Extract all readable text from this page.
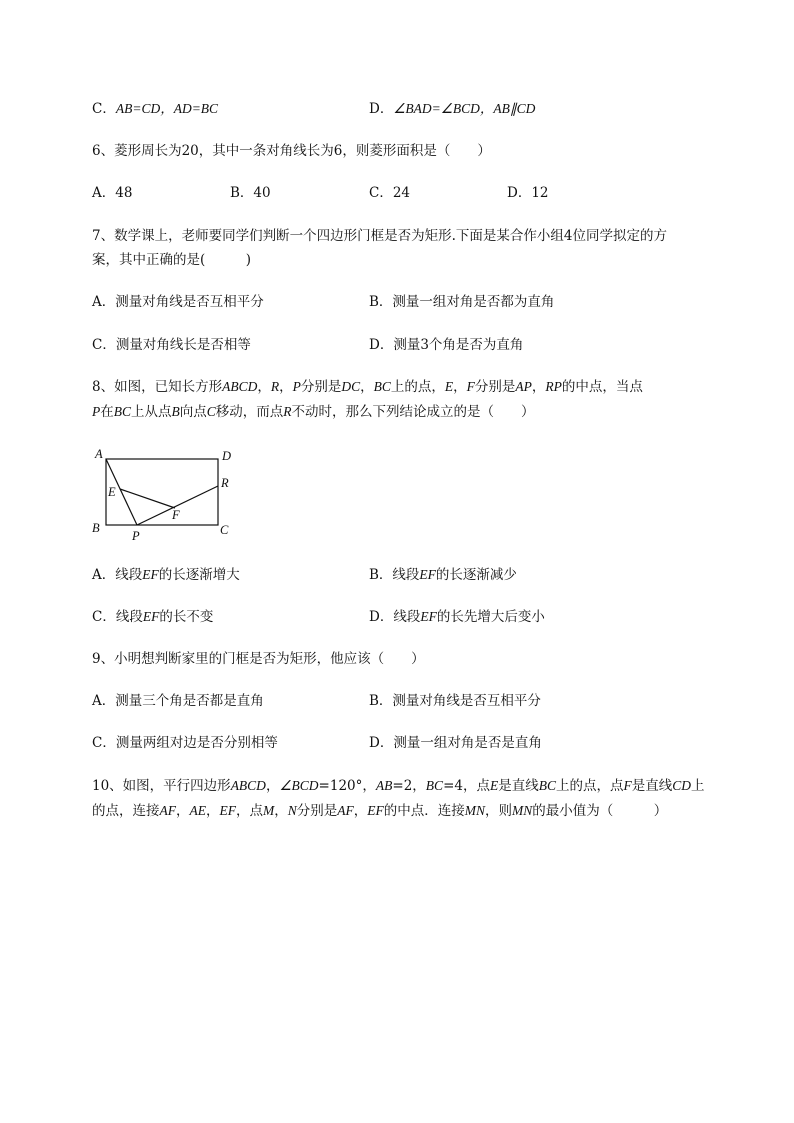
C．AB=CD，AD=BC	D．∠BAD=∠BCD，AB∥CD
6、菱形周长为20，其中一条对角线长为6，则菱形面积是（　　）
A．48	B．40	C．24	D．12
7、数学课上，老师要同学们判断一个四边形门框是否为矩形.下面是某合作小组4位同学拟定的方
案，其中正确的是(　　　)
A．测量对角线是否互相平分	B．测量一组对角是否都为直角
C．测量对角线长是否相等	D．测量3个角是否为直角
8、如图，已知长方形ABCD，R，P分别是DC，BC上的点，E，F分别是AP，RP的中点，当点
P在BC上从点B向点C移动，而点R不动时，那么下列结论成立的是（　　）
A	D
E
R
F
B	C
P
A．线段EF的长逐渐增大	B．线段EF的长逐渐减少
C．线段EF的长不变	D．线段EF的长先增大后变小
9、小明想判断家里的门框是否为矩形，他应该（　　）
A．测量三个角是否都是直角	B．测量对角线是否互相平分
C．测量两组对边是否分别相等	D．测量一组对角是否是直角
10、如图，平行四边形ABCD，∠BCD=120°，AB=2，BC=4，点E是直线BC上的点，点F是直线CD上
的点，连接AF，AE，EF，点M，N分别是AF，EF的中点．连接MN，则MN的最小值为（　　　）
